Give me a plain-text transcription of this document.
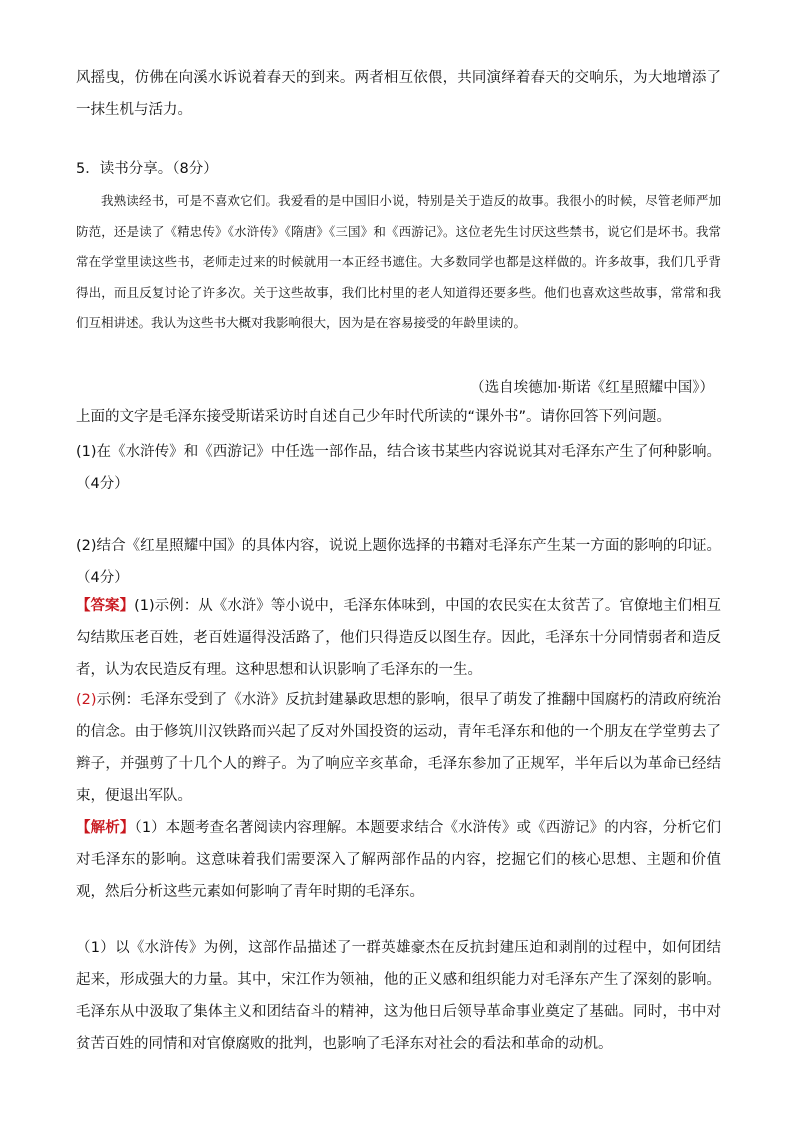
风摇曳，仿佛在向溪水诉说着春天的到来。两者相互依偎，共同演绎着春天的交响乐，为大地增添了一抹生机与活力。

5．读书分享。（8分）

我熟读经书，可是不喜欢它们。我爱看的是中国旧小说，特别是关于造反的故事。我很小的时候，尽管老师严加防范，还是读了《精忠传》《水浒传》《隋唐》《三国》和《西游记》。这位老先生讨厌这些禁书，说它们是坏书。我常常在学堂里读这些书，老师走过来的时候就用一本正经书遮住。大多数同学也都是这样做的。许多故事，我们几乎背得出，而且反复讨论了许多次。关于这些故事，我们比村里的老人知道得还要多些。他们也喜欢这些故事，常常和我们互相讲述。我认为这些书大概对我影响很大，因为是在容易接受的年龄里读的。

（选自埃德加·斯诺《红星照耀中国》）

上面的文字是毛泽东接受斯诺采访时自述自己少年时代所读的“课外书”。请你回答下列问题。

(1)在《水浒传》和《西游记》中任选一部作品，结合该书某些内容说说其对毛泽东产生了何种影响。（4分）

(2)结合《红星照耀中国》的具体内容，说说上题你选择的书籍对毛泽东产生某一方面的影响的印证。（4分）

【答案】(1)示例：从《水浒》等小说中，毛泽东体味到，中国的农民实在太贫苦了。官僚地主们相互勾结欺压老百姓，老百姓逼得没活路了，他们只得造反以图生存。因此，毛泽东十分同情弱者和造反者，认为农民造反有理。这种思想和认识影响了毛泽东的一生。

(2)示例：毛泽东受到了《水浒》反抗封建暴政思想的影响，很早了萌发了推翻中国腐朽的清政府统治的信念。由于修筑川汉铁路而兴起了反对外国投资的运动，青年毛泽东和他的一个朋友在学堂剪去了辫子，并强剪了十几个人的辫子。为了响应辛亥革命，毛泽东参加了正规军，半年后以为革命已经结束，便退出军队。

【解析】（1）本题考查名著阅读内容理解。本题要求结合《水浒传》或《西游记》的内容，分析它们对毛泽东的影响。这意味着我们需要深入了解两部作品的内容，挖掘它们的核心思想、主题和价值观，然后分析这些元素如何影响了青年时期的毛泽东。

（1）以《水浒传》为例，这部作品描述了一群英雄豪杰在反抗封建压迫和剥削的过程中，如何团结起来，形成强大的力量。其中，宋江作为领袖，他的正义感和组织能力对毛泽东产生了深刻的影响。毛泽东从中汲取了集体主义和团结奋斗的精神，这为他日后领导革命事业奠定了基础。同时，书中对贫苦百姓的同情和对官僚腐败的批判，也影响了毛泽东对社会的看法和革命的动机。
